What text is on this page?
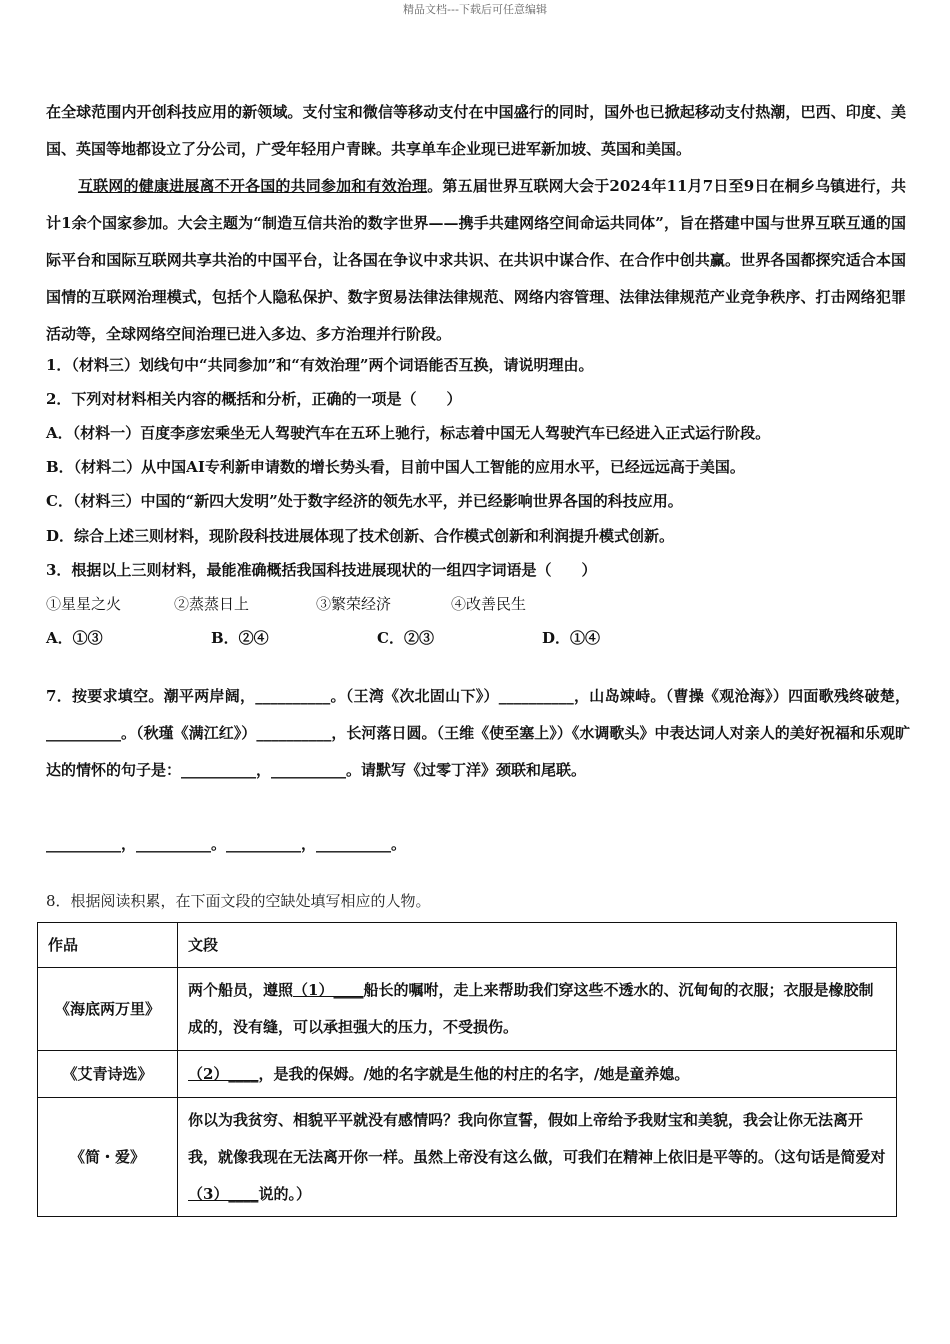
精品文档---下载后可任意编辑
在全球范围内开创科技应用的新领域。支付宝和微信等移动支付在中国盛行的同时，国外也已掀起移动支付热潮，巴西、印度、美国、英国等地都设立了分公司，广受年轻用户青睐。共享单车企业现已进军新加坡、英国和美国。
互联网的健康进展离不开各国的共同参加和有效治理。第五届世界互联网大会于2024年11月7日至9日在桐乡乌镇进行，共计1余个国家参加。大会主题为“制造互信共治的数字世界——携手共建网络空间命运共同体”，旨在搭建中国与世界互联互通的国际平台和国际互联网共享共治的中国平台，让各国在争议中求共识、在共识中谋合作、在合作中创共赢。世界各国都探究适合本国国情的互联网治理模式，包括个人隐私保护、数字贸易法律法律规范、网络内容管理、法律法律规范产业竞争秩序、打击网络犯罪活动等，全球网络空间治理已进入多边、多方治理并行阶段。
1．（材料三）划线句中“共同参加”和“有效治理”两个词语能否互换，请说明理由。
2．下列对材料相关内容的概括和分析，正确的一项是（　　）
A．（材料一）百度李彦宏乘坐无人驾驶汽车在五环上驰行，标志着中国无人驾驶汽车已经进入正式运行阶段。
B．（材料二）从中国AI专利新申请数的增长势头看，目前中国人工智能的应用水平，已经远远高于美国。
C．（材料三）中国的“新四大发明”处于数字经济的领先水平，并已经影响世界各国的科技应用。
D．综合上述三则材料，现阶段科技进展体现了技术创新、合作模式创新和利润提升模式创新。
3．根据以上三则材料，最能准确概括我国科技进展现状的一组四字词语是（　　）
①星星之火	②蒸蒸日上	③繁荣经济	④改善民生
A．①③	B．②④	C．②③	D．①④
7．按要求填空。潮平两岸阔，__________。（王湾《次北固山下》）__________，山岛竦峙。（曹操《观沧海》）四面歌残终破楚，__________。（秋瑾《满江红》）__________，长河落日圆。（王维《使至塞上》）《水调歌头》中表达词人对亲人的美好祝福和乐观旷达的情怀的句子是：__________，__________。请默写《过零丁洋》颈联和尾联。
__________，__________。__________，__________。
8．根据阅读积累，在下面文段的空缺处填写相应的人物。
作品	文段
《海底两万里》	两个船员，遵照（1）____船长的嘱咐，走上来帮助我们穿这些不透水的、沉甸甸的衣服；衣服是橡胶制成的，没有缝，可以承担强大的压力，不受损伤。
《艾青诗选》	（2）____，是我的保姆。/她的名字就是生他的村庄的名字，/她是童养媳。
《简・爱》	你以为我贫穷、相貌平平就没有感情吗？我向你宣誓，假如上帝给予我财宝和美貌，我会让你无法离开我，就像我现在无法离开你一样。虽然上帝没有这么做，可我们在精神上依旧是平等的。（这句话是简爱对（3）____说的。）
